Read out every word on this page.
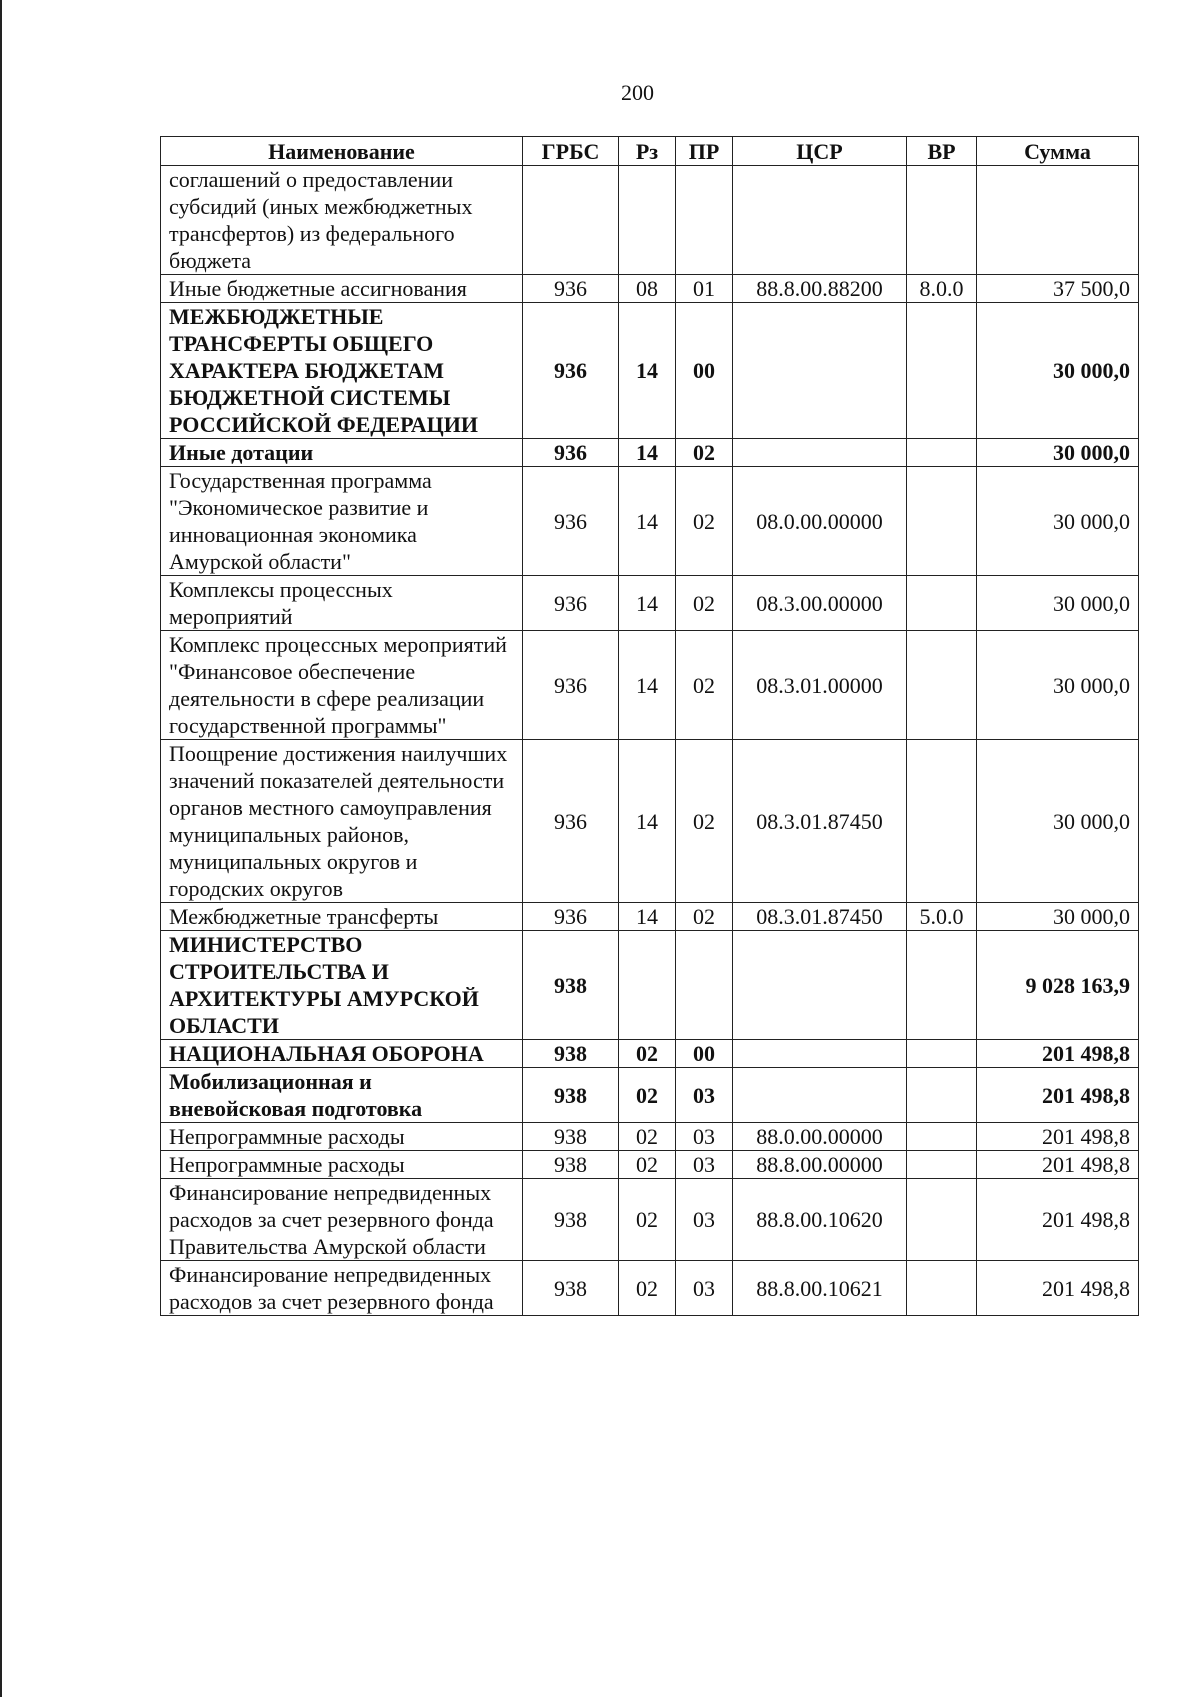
200
Наименование	ГРБС	Рз	ПР	ЦСР	ВР	Сумма
соглашений о предоставлении субсидий (иных межбюджетных трансфертов) из федерального бюджета						
Иные бюджетные ассигнования	936	08	01	88.8.00.88200	8.0.0	37 500,0
МЕЖБЮДЖЕТНЫЕ ТРАНСФЕРТЫ ОБЩЕГО ХАРАКТЕРА БЮДЖЕТАМ БЮДЖЕТНОЙ СИСТЕМЫ РОССИЙСКОЙ ФЕДЕРАЦИИ	936	14	00			30 000,0
Иные дотации	936	14	02			30 000,0
Государственная программа "Экономическое развитие и инновационная экономика Амурской области"	936	14	02	08.0.00.00000		30 000,0
Комплексы процессных мероприятий	936	14	02	08.3.00.00000		30 000,0
Комплекс процессных мероприятий "Финансовое обеспечение деятельности в сфере реализации государственной программы"	936	14	02	08.3.01.00000		30 000,0
Поощрение достижения наилучших значений показателей деятельности органов местного самоуправления муниципальных районов, муниципальных округов и городских округов	936	14	02	08.3.01.87450		30 000,0
Межбюджетные трансферты	936	14	02	08.3.01.87450	5.0.0	30 000,0
МИНИСТЕРСТВО СТРОИТЕЛЬСТВА И АРХИТЕКТУРЫ АМУРСКОЙ ОБЛАСТИ	938					9 028 163,9
НАЦИОНАЛЬНАЯ ОБОРОНА	938	02	00			201 498,8
Мобилизационная и вневойсковая подготовка	938	02	03			201 498,8
Непрограммные расходы	938	02	03	88.0.00.00000		201 498,8
Непрограммные расходы	938	02	03	88.8.00.00000		201 498,8
Финансирование непредвиденных расходов за счет резервного фонда Правительства Амурской области	938	02	03	88.8.00.10620		201 498,8
Финансирование непредвиденных расходов за счет резервного фонда	938	02	03	88.8.00.10621		201 498,8
